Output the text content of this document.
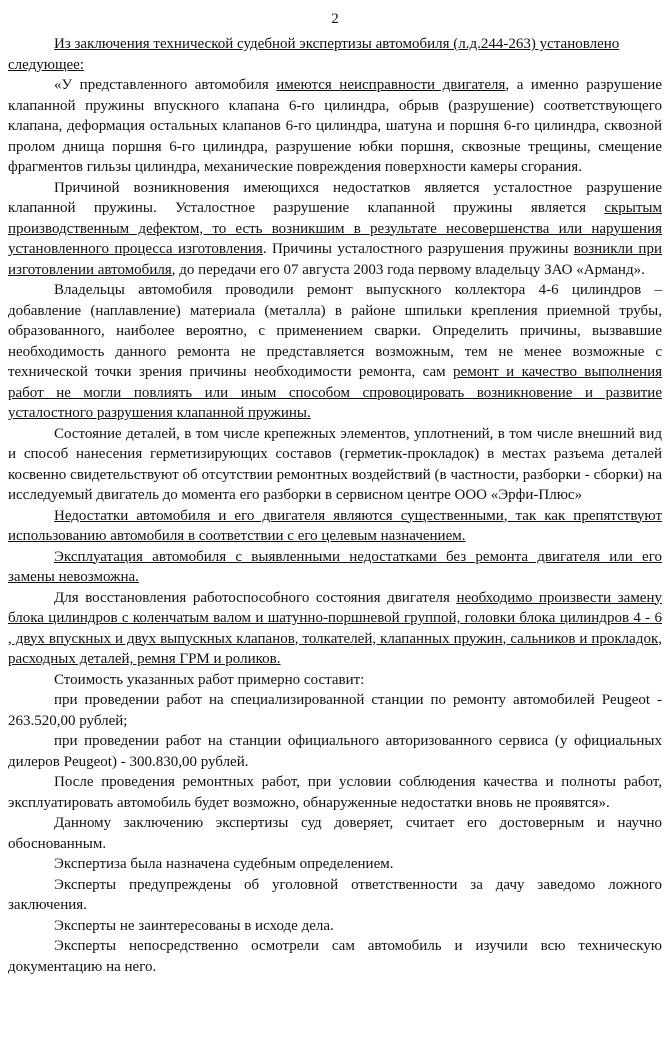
2

Из заключения технической судебной экспертизы автомобиля (л.д.244-263) установлено следующее:

«У представленного автомобиля имеются неисправности двигателя, а именно разрушение клапанной пружины впускного клапана 6-го цилиндра, обрыв (разрушение) соответствующего клапана, деформация остальных клапанов 6-го цилиндра, шатуна и поршня 6-го цилиндра, сквозной пролом днища поршня 6-го цилиндра, разрушение юбки поршня, сквозные трещины, смещение фрагментов гильзы цилиндра, механические повреждения поверхности камеры сгорания.

Причиной возникновения имеющихся недостатков является усталостное разрушение клапанной пружины. Усталостное разрушение клапанной пружины является скрытым производственным дефектом, то есть возникшим в результате несовершенства или нарушения установленного процесса изготовления. Причины усталостного разрушения пружины возникли при изготовлении автомобиля, до передачи его 07 августа 2003 года первому владельцу ЗАО «Арманд».

Владельцы автомобиля проводили ремонт выпускного коллектора 4-6 цилиндров – добавление (наплавление) материала (металла) в районе шпильки крепления приемной трубы, образованного, наиболее вероятно, с применением сварки. Определить причины, вызвавшие необходимость данного ремонта не представляется возможным, тем не менее возможные с технической точки зрения причины необходимости ремонта, сам ремонт и качество выполнения работ не могли повлиять или иным способом спровоцировать возникновение и развитие усталостного разрушения клапанной пружины.

Состояние деталей, в том числе крепежных элементов, уплотнений, в том числе внешний вид и способ нанесения герметизирующих составов (герметик-прокладок) в местах разъема деталей косвенно свидетельствуют об отсутствии ремонтных воздействий (в частности, разборки - сборки) на исследуемый двигатель до момента его разборки в сервисном центре ООО «Эрфи-Плюс»

Недостатки автомобиля и его двигателя являются существенными, так как препятствуют использованию автомобиля в соответствии с его целевым назначением.

Эксплуатация автомобиля с выявленными недостатками без ремонта двигателя или его замены невозможна.

Для восстановления работоспособного состояния двигателя необходимо произвести замену блока цилиндров с коленчатым валом и шатунно-поршневой группой, головки блока цилиндров 4 - 6 , двух впускных и двух выпускных клапанов, толкателей, клапанных пружин, сальников и прокладок, расходных деталей, ремня ГРМ и роликов.

Стоимость указанных работ примерно составит:

при проведении работ на специализированной станции по ремонту автомобилей Peugeot - 263.520,00 рублей;

при проведении работ на станции официального авторизованного сервиса (у официальных дилеров Peugeot) - 300.830,00 рублей.

После проведения ремонтных работ, при условии соблюдения качества и полноты работ, эксплуатировать автомобиль будет возможно, обнаруженные недостатки вновь не проявятся».

Данному заключению экспертизы суд доверяет, считает его достоверным и научно обоснованным.

Экспертиза была назначена судебным определением.

Эксперты предупреждены об уголовной ответственности за дачу заведомо ложного заключения.

Эксперты не заинтересованы в исходе дела.

Эксперты непосредственно осмотрели сам автомобиль и изучили всю техническую документацию на него.
